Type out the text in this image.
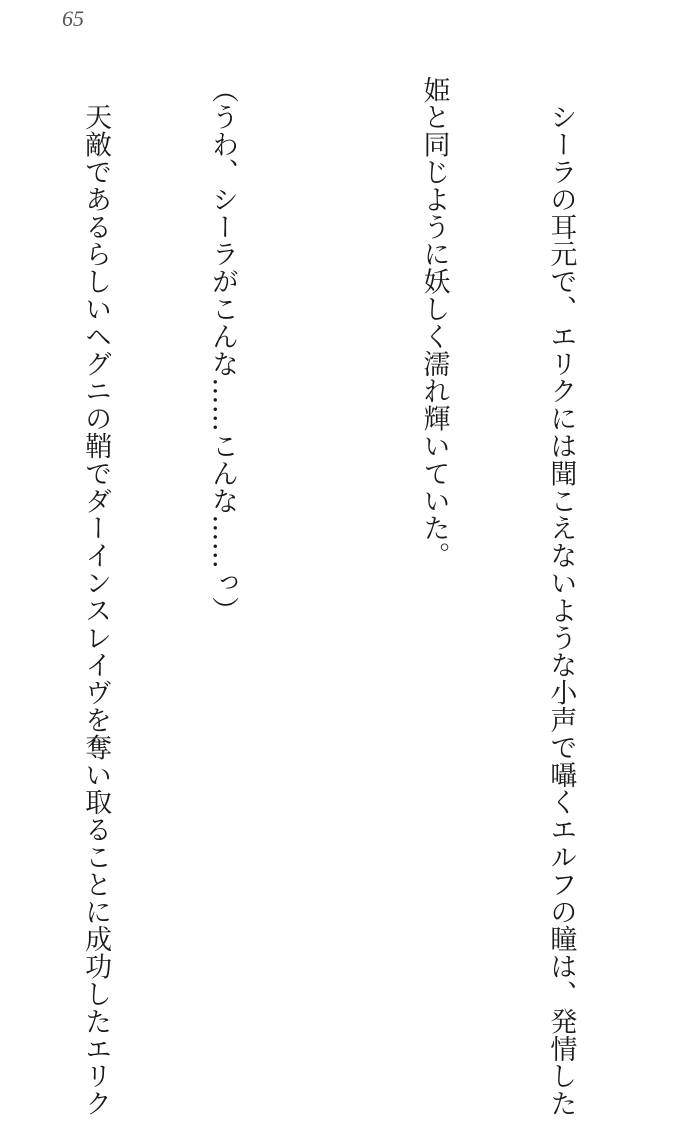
65

　シーラの耳元で、エリクには聞こえないような小声で囁くエルフの瞳は、発情した

姫と同じように妖しく濡れ輝いていた。

（うわ、シーラがこんな……こんな……っ）

　天敵であるらしいヘグニの鞘でダーインスレイヴを奪い取ることに成功したエリク
